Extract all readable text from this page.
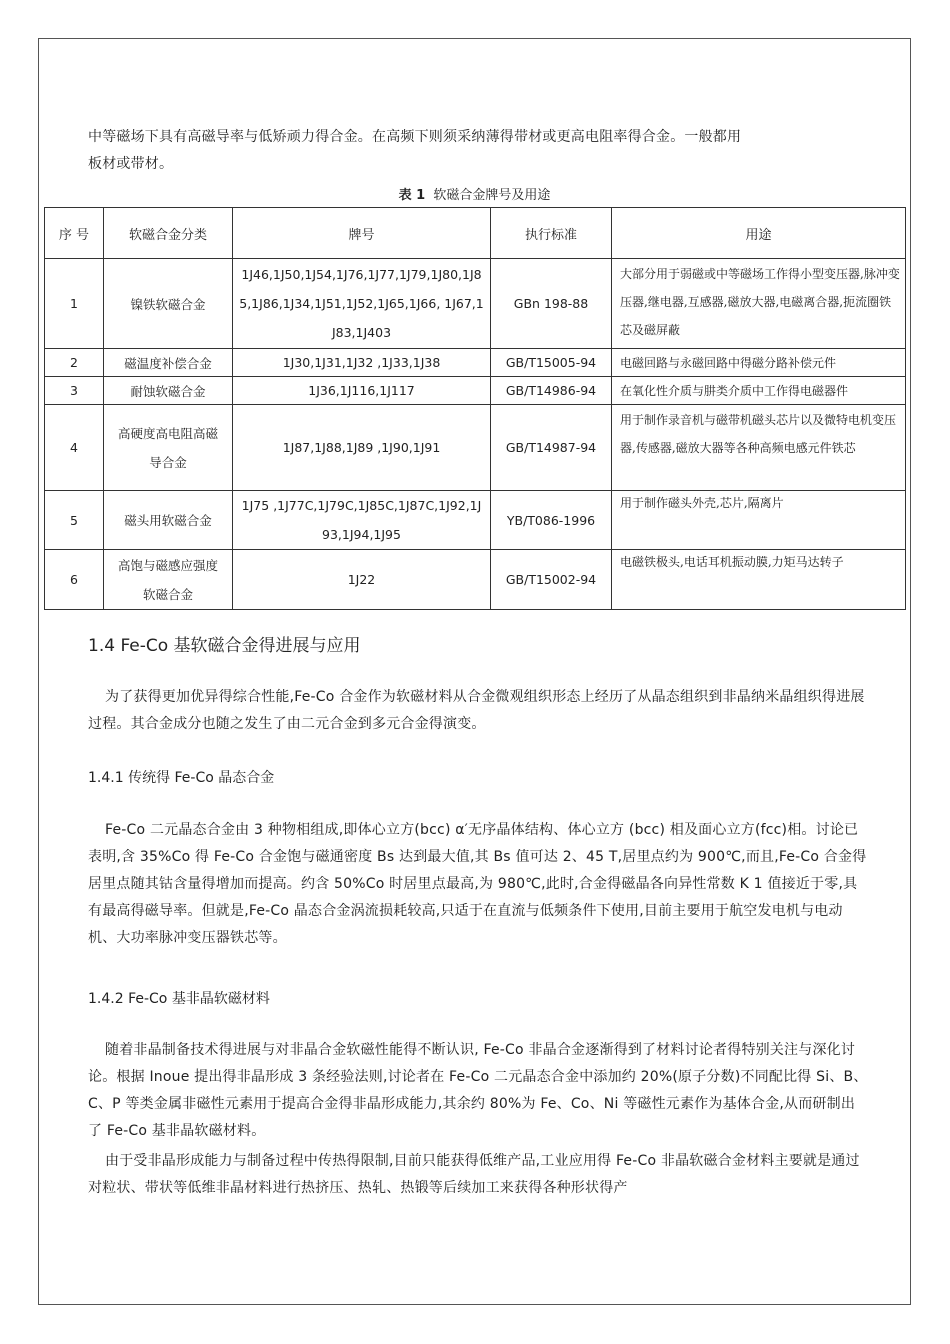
中等磁场下具有高磁导率与低矫顽力得合金。在高频下则须采纳薄得带材或更高电阻率得合金。一般都用

板材或带材。

表 1 软磁合金牌号及用途
序 号	软磁合金分类	牌号	执行标准	用途
1	镍铁软磁合金	1J46,1J50,1J54,1J76,1J77,1J79,1J80,1J85,1J86,1J34,1J51,1J52,1J65,1J66, 1J67,1J83,1J403	GBn 198-88	大部分用于弱磁或中等磁场工作得小型变压器,脉冲变压器,继电器,互感器,磁放大器,电磁离合器,扼流圈铁芯及磁屏蔽
2	磁温度补偿合金	1J30,1J31,1J32 ,1J33,1J38	GB/T15005-94	电磁回路与永磁回路中得磁分路补偿元件
3	耐蚀软磁合金	1J36,1J116,1J117	GB/T14986-94	在氧化性介质与肼类介质中工作得电磁器件
4	高硬度高电阻高磁导合金	1J87,1J88,1J89 ,1J90,1J91	GB/T14987-94	用于制作录音机与磁带机磁头芯片以及微特电机变压器,传感器,磁放大器等各种高频电感元件铁芯
5	磁头用软磁合金	1J75 ,1J77C,1J79C,1J85C,1J87C,1J92,1J93,1J94,1J95	YB/T086-1996	用于制作磁头外壳,芯片,隔离片
6	高饱与磁感应强度软磁合金	1J22	GB/T15002-94	电磁铁极头,电话耳机振动膜,力矩马达转子
1.4 Fe-Co 基软磁合金得进展与应用

为了获得更加优异得综合性能,Fe-Co 合金作为软磁材料从合金微观组织形态上经历了从晶态组织到非晶纳米晶组织得进展过程。其合金成分也随之发生了由二元合金到多元合金得演变。

1.4.1 传统得 Fe-Co 晶态合金

Fe-Co 二元晶态合金由 3 种物相组成,即体心立方(bcc) α′无序晶体结构、体心立方 (bcc) 相及面心立方(fcc)相。讨论已表明,含 35%Co 得 Fe-Co 合金饱与磁通密度 Bs 达到最大值,其 Bs 值可达 2、45 T,居里点约为 900℃,而且,Fe-Co 合金得居里点随其钴含量得增加而提高。约含 50%Co 时居里点最高,为 980℃,此时,合金得磁晶各向异性常数 K 1 值接近于零,具有最高得磁导率。但就是,Fe-Co 晶态合金涡流损耗较高,只适于在直流与低频条件下使用,目前主要用于航空发电机与电动机、大功率脉冲变压器铁芯等。

1.4.2 Fe-Co 基非晶软磁材料

随着非晶制备技术得进展与对非晶合金软磁性能得不断认识, Fe-Co 非晶合金逐渐得到了材料讨论者得特别关注与深化讨论。根据 Inoue 提出得非晶形成 3 条经验法则,讨论者在 Fe-Co 二元晶态合金中添加约 20%(原子分数)不同配比得 Si、B、C、P 等类金属非磁性元素用于提高合金得非晶形成能力,其余约 80%为 Fe、Co、Ni 等磁性元素作为基体合金,从而研制出了 Fe-Co 基非晶软磁材料。

由于受非晶形成能力与制备过程中传热得限制,目前只能获得低维产品,工业应用得 Fe-Co 非晶软磁合金材料主要就是通过对粒状、带状等低维非晶材料进行热挤压、热轧、热锻等后续加工来获得各种形状得产
